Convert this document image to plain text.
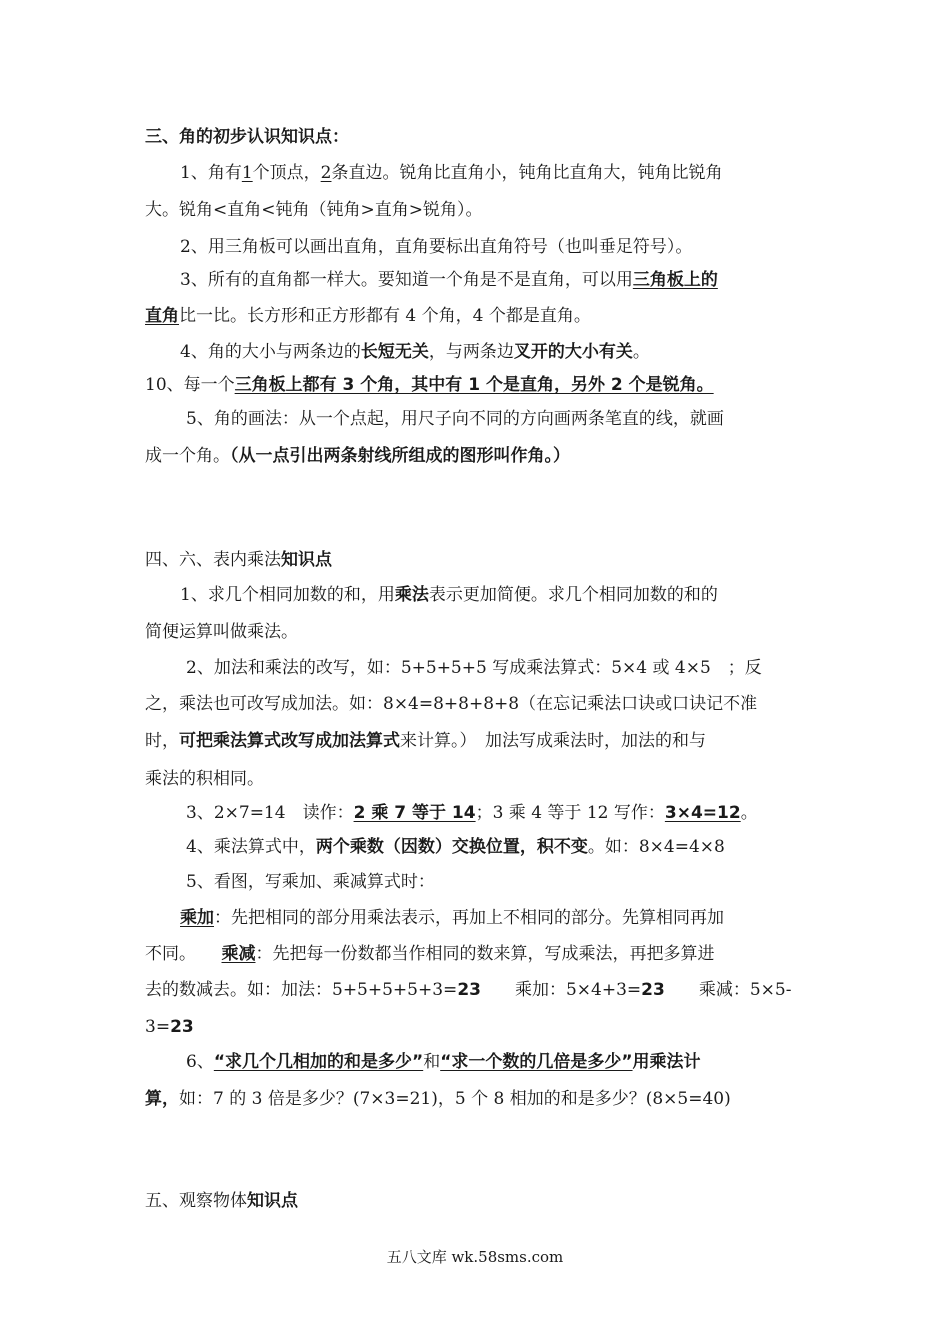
三、角的初步认识知识点：
1、角有1个顶点，2条直边。锐角比直角小，钝角比直角大，钝角比锐角
大。锐角<直角<钝角（钝角>直角>锐角）。
2、用三角板可以画出直角，直角要标出直角符号（也叫垂足符号）。
3、所有的直角都一样大。要知道一个角是不是直角，可以用三角板上的
直角比一比。长方形和正方形都有 4 个角，4 个都是直角。
4、角的大小与两条边的长短无关，与两条边叉开的大小有关。
10、每一个三角板上都有 3 个角，其中有 1 个是直角，另外 2 个是锐角。
5、角的画法：从一个点起，用尺子向不同的方向画两条笔直的线，就画
成一个角。（从一点引出两条射线所组成的图形叫作角。）
四、六、表内乘法知识点
1、求几个相同加数的和，用乘法表示更加简便。求几个相同加数的和的
简便运算叫做乘法。
2、加法和乘法的改写，如：5+5+5+5 写成乘法算式：5×4 或 4×5　；反
之，乘法也可改写成加法。如：8×4=8+8+8+8（在忘记乘法口诀或口诀记不准
时，可把乘法算式改写成加法算式来计算。）　加法写成乘法时，加法的和与
乘法的积相同。
3、2×7=14　读作：2 乘 7 等于 14；3 乘 4 等于 12 写作：3×4=12。
4、乘法算式中，两个乘数（因数）交换位置，积不变。如：8×4=4×8
5、看图，写乘加、乘减算式时：
乘加：先把相同的部分用乘法表示，再加上不相同的部分。先算相同再加
不同。　　乘减：先把每一份数都当作相同的数来算，写成乘法，再把多算进
去的数减去。如：加法：5+5+5+5+3=23　　乘加：5×4+3=23　　乘减：5×5-
3=23
6、“求几个几相加的和是多少”和“求一个数的几倍是多少”用乘法计
算，如：7 的 3 倍是多少？(7×3=21)，5 个 8 相加的和是多少？(8×5=40)
五、观察物体知识点
五八文库 wk.58sms.com
